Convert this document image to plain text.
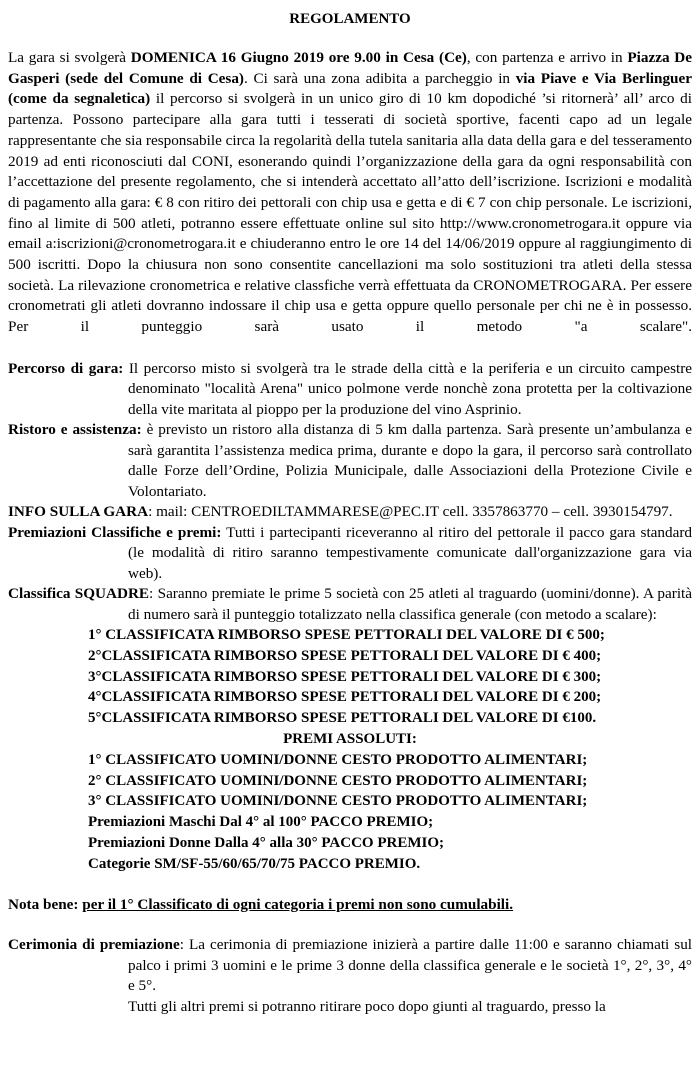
REGOLAMENTO

La gara si svolgerà DOMENICA 16 Giugno 2019 ore 9.00 in Cesa (Ce), con partenza e arrivo in Piazza De Gasperi (sede del Comune di Cesa). Ci sarà una zona adibita a parcheggio in via Piave e Via Berlinguer (come da segnaletica) il percorso si svolgerà in un unico giro di 10 km dopodiché ’si ritornerà’ all’ arco di partenza. Possono partecipare alla gara tutti i tesserati di società sportive, facenti capo ad un legale rappresentante che sia responsabile circa la regolarità della tutela sanitaria alla data della gara e del tesseramento 2019 ad enti riconosciuti dal CONI, esonerando quindi l’organizzazione della gara da ogni responsabilità con l’accettazione del presente regolamento, che si intenderà accettato all’atto dell’iscrizione. Iscrizioni e modalità di pagamento alla gara: € 8 con ritiro dei pettorali con chip usa e getta e di € 7 con chip personale. Le iscrizioni, fino al limite di 500 atleti, potranno essere effettuate online sul sito http://www.cronometrogara.it oppure via email a:iscrizioni@cronometrogara.it e chiuderanno entro le ore 14 del 14/06/2019 oppure al raggiungimento di 500 iscritti. Dopo la chiusura non sono consentite cancellazioni ma solo sostituzioni tra atleti della stessa società. La rilevazione cronometrica e relative classfiche verrà effettuata da CRONOMETROGARA. Per essere cronometrati gli atleti dovranno indossare il chip usa e getta oppure quello personale per chi ne è in possesso. Per il punteggio sarà usato il metodo "a scalare".

Percorso di gara: Il percorso misto si svolgerà tra le strade della città e la periferia e un circuito campestre denominato "località Arena" unico polmone verde nonchè zona protetta per la coltivazione della vite maritata al pioppo per la produzione del vino Asprinio.

Ristoro e assistenza: è previsto un ristoro alla distanza di 5 km dalla partenza. Sarà presente un’ambulanza e sarà garantita l’assistenza medica prima, durante e dopo la gara, il percorso sarà controllato dalle Forze dell’Ordine, Polizia Municipale, dalle Associazioni della Protezione Civile e Volontariato.

INFO SULLA GARA: mail: CENTROEDILTAMMARESE@PEC.IT cell. 3357863770 – cell. 3930154797.

Premiazioni Classifiche e premi: Tutti i partecipanti riceveranno al ritiro del pettorale il pacco gara standard (le modalità di ritiro saranno tempestivamente comunicate dall'organizzazione gara via web).

Classifica SQUADRE: Saranno premiate le prime 5 società con 25 atleti al traguardo (uomini/donne). A parità di numero sarà il punteggio totalizzato nella classifica generale (con metodo a scalare):

1° CLASSIFICATA RIMBORSO SPESE PETTORALI DEL VALORE DI € 500;
2°CLASSIFICATA RIMBORSO SPESE PETTORALI DEL VALORE DI € 400;
3°CLASSIFICATA RIMBORSO SPESE PETTORALI DEL VALORE DI € 300;
4°CLASSIFICATA RIMBORSO SPESE PETTORALI DEL VALORE DI € 200;
5°CLASSIFICATA RIMBORSO SPESE PETTORALI DEL VALORE DI €100.
PREMI ASSOLUTI:
1° CLASSIFICATO UOMINI/DONNE CESTO PRODOTTO ALIMENTARI;
2° CLASSIFICATO UOMINI/DONNE CESTO PRODOTTO ALIMENTARI;
3° CLASSIFICATO UOMINI/DONNE CESTO PRODOTTO ALIMENTARI;
Premiazioni Maschi Dal 4° al 100° PACCO PREMIO;
Premiazioni Donne Dalla 4° alla 30° PACCO PREMIO;
Categorie SM/SF-55/60/65/70/75 PACCO PREMIO.

Nota bene: per il 1° Classificato di ogni categoria i premi non sono cumulabili.

Cerimonia di premiazione: La cerimonia di premiazione inizierà a partire dalle 11:00 e saranno chiamati sul palco i primi 3 uomini e le prime 3 donne della classifica generale e le società 1°, 2°, 3°, 4° e 5°.

Tutti gli altri premi si potranno ritirare poco dopo giunti al traguardo, presso la
